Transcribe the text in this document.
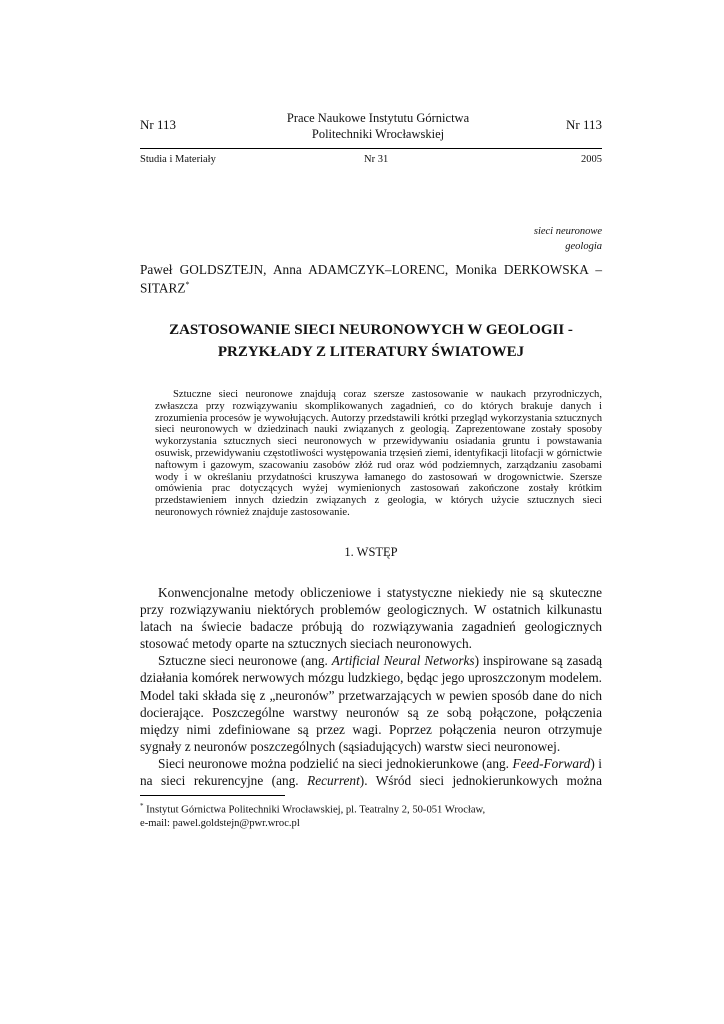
Nr 113	Prace Naukowe Instytutu Górnictwa
Politechniki Wrocławskiej
Nr 113
Studia i Materiały	Nr 31	2005
sieci neuronowe
geologia
Paweł GOLDSZTEJN, Anna ADAMCZYK–LORENC, Monika DERKOWSKA – SITARZ*
ZASTOSOWANIE SIECI NEURONOWYCH W GEOLOGII -
PRZYKŁADY Z LITERATURY ŚWIATOWEJ

Sztuczne sieci neuronowe znajdują coraz szersze zastosowanie w naukach przyrodniczych, zwłaszcza przy rozwiązywaniu skomplikowanych zagadnień, co do których brakuje danych i zrozumienia procesów je wywołujących. Autorzy przedstawili krótki przegląd wykorzystania sztucznych sieci neuronowych w dziedzinach nauki związanych z geologią. Zaprezentowane zostały sposoby wykorzystania sztucznych sieci neuronowych w przewidywaniu osiadania gruntu i powstawania osuwisk, przewidywaniu częstotliwości występowania trzęsień ziemi, identyfikacji litofacji w górnictwie naftowym i gazowym, szacowaniu zasobów złóż rud oraz wód podziemnych, zarządzaniu zasobami wody i w określaniu przydatności kruszywa łamanego do zastosowań w drogownictwie. Szersze omówienia prac dotyczących wyżej wymienionych zastosowań zakończone zostały krótkim przedstawieniem innych dziedzin związanych z geologia, w których użycie sztucznych sieci neuronowych również znajduje zastosowanie.

1. WSTĘP

Konwencjonalne metody obliczeniowe i statystyczne niekiedy nie są skuteczne przy rozwiązywaniu niektórych problemów geologicznych. W ostatnich kilkunastu latach na świecie badacze próbują do rozwiązywania zagadnień geologicznych stosować metody oparte na sztucznych sieciach neuronowych.

Sztuczne sieci neuronowe (ang. Artificial Neural Networks) inspirowane są zasadą działania komórek nerwowych mózgu ludzkiego, będąc jego uproszczonym modelem. Model taki składa się z „neuronów” przetwarzających w pewien sposób dane do nich docierające. Poszczególne warstwy neuronów są ze sobą połączone, połączenia między nimi zdefiniowane są przez wagi. Poprzez połączenia neuron otrzymuje sygnały z neuronów poszczególnych (sąsiadujących) warstw sieci neuronowej.

Sieci neuronowe można podzielić na sieci jednokierunkowe (ang. Feed-Forward) i na sieci rekurencyjne (ang. Recurrent). Wśród sieci jednokierunkowych można

* Instytut Górnictwa Politechniki Wrocławskiej, pl. Teatralny 2, 50-051 Wrocław,
e-mail: pawel.goldstejn@pwr.wroc.pl
